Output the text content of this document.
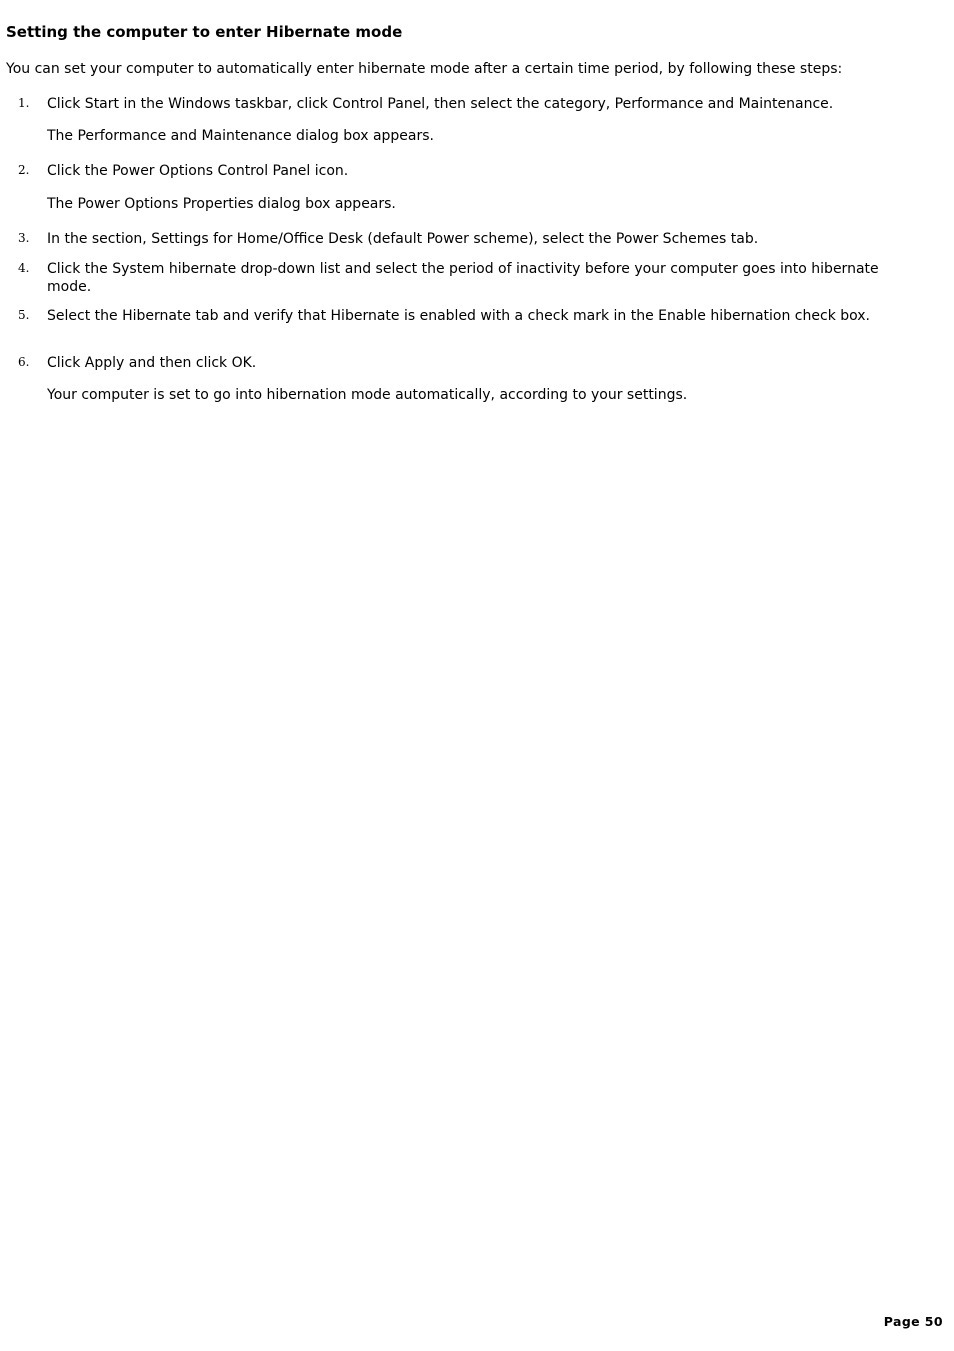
Setting the computer to enter Hibernate mode

You can set your computer to automatically enter hibernate mode after a certain time period, by following these steps:

1. Click Start in the Windows taskbar, click Control Panel, then select the category, Performance and Maintenance.

The Performance and Maintenance dialog box appears.

2. Click the Power Options Control Panel icon.

The Power Options Properties dialog box appears.

3. In the section, Settings for Home/Office Desk (default Power scheme), select the Power Schemes tab.

4. Click the System hibernate drop-down list and select the period of inactivity before your computer goes into hibernate mode.

5. Select the Hibernate tab and verify that Hibernate is enabled with a check mark in the Enable hibernation check box.

6. Click Apply and then click OK.

Your computer is set to go into hibernation mode automatically, according to your settings.

Page 50
